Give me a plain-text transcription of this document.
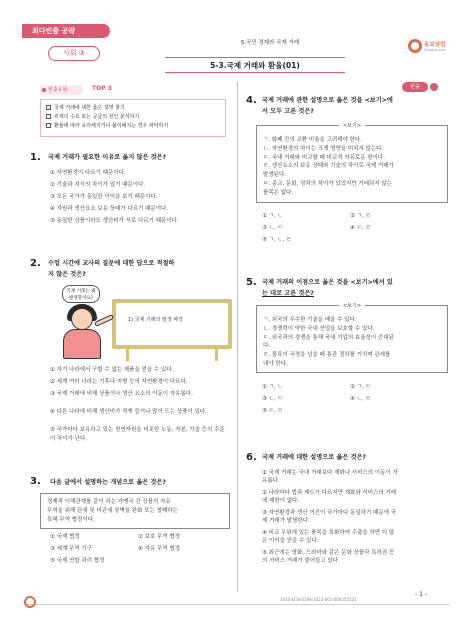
최다빈출 공략
사회 ③
5.국민 경제와 국제 거래	동보닷컴
Dongbo.com
5-3.국제 거래와 환율(01)
빈출유형	TOP 3
국제 거래에 대한 옳은 설명 찾기
외제의 수요 또는 공급의 원인 분석하기
환율에 따라 유리해지거나 불리해지는 경우 파악하기
1. 국제 거래가 필요한 이유로 옳지 않은 것은?
① 자연환경이 다르기 때문이다.
② 기술과 지식의 차이가 있기 때문이다.
③ 모든 국가가 동일한 이익을 보기 때문이다.
④ 자원과 생산요소 보유 상태가 다르기 때문이다.
⑤ 동일한 상품이라도 생산비가 서로 다르기 때문이다.
2. 수업 시간에 교사의 질문에 대한 답으로 적절하
지 않은 것은?
1) 국제 거래의 발생 배경
국제 거래는 왜
발생할까요?
① 자기 나라에서 구할 수 없는 제품을 얻을 수 있다.
② 세계 여러 나라는 기후나 지형 등의 자연환경이 다르다.
③ 국제 거래에 비해 상품이나 생산 요소의 이동이 자유롭다.
④ 다른 나라에 비해 생산비가 적게 들거나 많이 드는 상품이 있다.
⑤ 국가마다 보유하고 있는 천연자원을 비롯한 노동, 자본, 기술 등의 수준이 차이가 난다.
3. 다음 글에서 설명하는 개념으로 옳은 것은?
경제적 이해관계를 같이 하는 가맹국 간 상품의 자유
무역을 위해 관세 및 비관세 장벽을 완화 또는 철폐하는
특혜 무역 협정이다.
① 국제 협정	② 보호 무역 협정
③ 세계 무역 기구	④ 자유 무역 협정
⑤ 국제 연합 과리 협정
빈출
4. 국제 거래에 관한 설명으로 옳은 것을 <보기>에
서 모두 고른 것은?
<보기>
ㄱ. 화폐 간의 교환 비율을 고려해야 한다.
ㄴ. 자연환경의 차이는 크게 영향을 미치지 않는다.
ㄷ. 국내 거래와 비교할 때 비교적 자유로운 편이다.
ㄹ. 생산요소의 보유 상태와 기술의 차이로 국제 거래가
발생된다.
ㅁ. 종교, 문화, 정치의 차이가 있었지만 거래되지 않는
품목은 없다.
① ㄱ, ㄴ	② ㄱ, ㄹ
③ ㄴ, ㄷ	④ ㄷ, ㄹ
⑤ ㄱ, ㄴ, ㄹ
5. 국제 거래의 이점으로 옳은 것을 <보기>에서 있
는 대로 고른 것은?
<보기>
ㄱ. 외국의 우수한 기술을 배울 수 있다.
ㄴ. 경쟁력이 약한 국내 산업을 보호할 수 있다.
ㄷ. 외국과의 경쟁을 통해 국내 기업의 효율성이 증대된
다.
ㄹ. 물류이 국경을 넘을 때 통관 절차를 거치며 관세를
내야 한다.
① ㄱ, ㄴ	② ㄱ, ㄷ
③ ㄴ, ㄷ	④ ㄴ, ㄹ
⑤ ㄷ, ㄹ
6. 국제 거래에 대한 설명으로 옳은 것은?
① 국제 거래는 국내 거래보다 재화나 서비스의 이동이 자
유롭다.
② 나라마다 법과 제도가 다르지만 재화와 서비스의 거래
에 제한이 없다.
③ 자연환경과 생산 여건이 국가마다 동일하기 때문에 국
제 거래가 발생한다.
④ 비교 우위에 있는 품목을 특화하여 수출을 하면 더 많
은 이익을 얻을 수 있다.
⑤ 최근에는 영화, 드라마와 같은 문화 상품과 특허권 등
의 서비스 거래가 줄어들고 있다.
- 1 -
3410-ECN-0199-2023-001-000255121
